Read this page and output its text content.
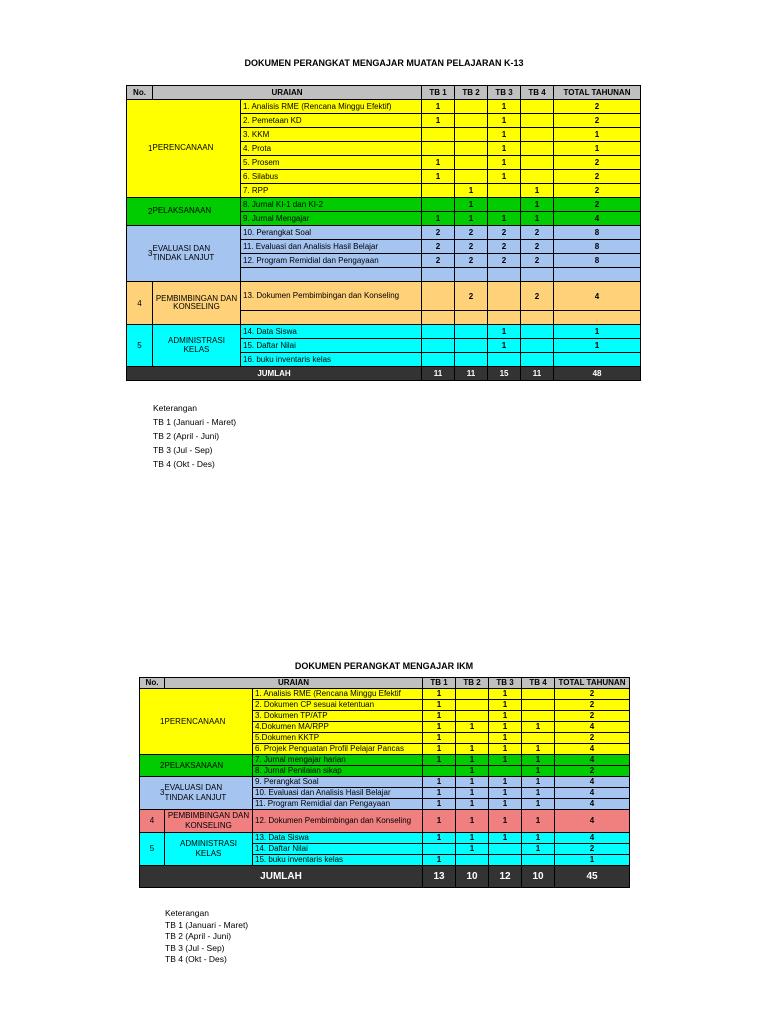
DOKUMEN PERANGKAT MENGAJAR MUATAN PELAJARAN K-13
No.	URAIAN		TB 1	TB 2	TB 3	TB 4	TOTAL TAHUNAN
1	PERENCANAAN	1. Analisis RME (Rencana Minggu Efektif)	1		1		2
		2. Pemetaan KD	1		1		2
		3. KKM			1		1
		4. Prota			1		1
		5. Prosem	1		1		2
		6. Silabus	1		1		2
		7. RPP		1		1	2
2	PELAKSANAAN	8. Jurnal KI-1 dan KI-2		1		1	2
		9. Jurnal Mengajar	1	1	1	1	4
3	EVALUASI DAN TINDAK LANJUT	10. Perangkat Soal	2	2	2	2	8
		11. Evaluasi dan Analisis Hasil Belajar	2	2	2	2	8
		12. Program Remidial dan Pengayaan	2	2	2	2	8

4	PEMBIMBINGAN DAN KONSELING	13. Dokumen Pembimbingan dan Konseling		2		2	4

5	ADMINISTRASI KELAS	14. Data Siswa			1		1
		15. Daftar Nilai			1		1
		16. buku inventaris kelas					
JUMLAH			11	11	15	11	48
Keterangan
TB 1 (Januari - Maret)
TB 2 (April - Juni)
TB 3 (Jul - Sep)
TB 4 (Okt - Des)
DOKUMEN PERANGKAT MENGAJAR IKM
No.	URAIAN		TB 1	TB 2	TB 3	TB 4	TOTAL TAHUNAN
1	PERENCANAAN	1. Analisis RME (Rencana Minggu Efektif	1		1		2
		2. Dokumen CP sesuai ketentuan	1		1		2
		3. Dokumen TP/ATP	1		1		2
		4.Dokumen MA/RPP	1	1	1	1	4
		5.Dokumen KKTP	1		1		2
		6. Projek Penguatan Profil Pelajar Pancas	1	1	1	1	4
2	PELAKSANAAN	7. Jurnal mengajar harian	1	1	1	1	4
		8. Jurnal Penilaian sikap		1		1	2
3	EVALUASI DAN TINDAK LANJUT	9. Perangkat Soal	1	1	1	1	4
		10. Evaluasi dan Analisis Hasil Belajar	1	1	1	1	4
		11. Program Remidial dan Pengayaan	1	1	1	1	4
4	PEMBIMBINGAN DAN KONSELING	12. Dokumen Pembimbingan dan Konseling	1	1	1	1	4
5	ADMINISTRASI KELAS	13. Data Siswa	1	1	1	1	4
		14. Daftar Nilai		1		1	2
		15. buku inventaris kelas	1				1
JUMLAH			13	10	12	10	45
Keterangan
TB 1 (Januari - Maret)
TB 2 (April - Juni)
TB 3 (Jul - Sep)
TB 4 (Okt - Des)
